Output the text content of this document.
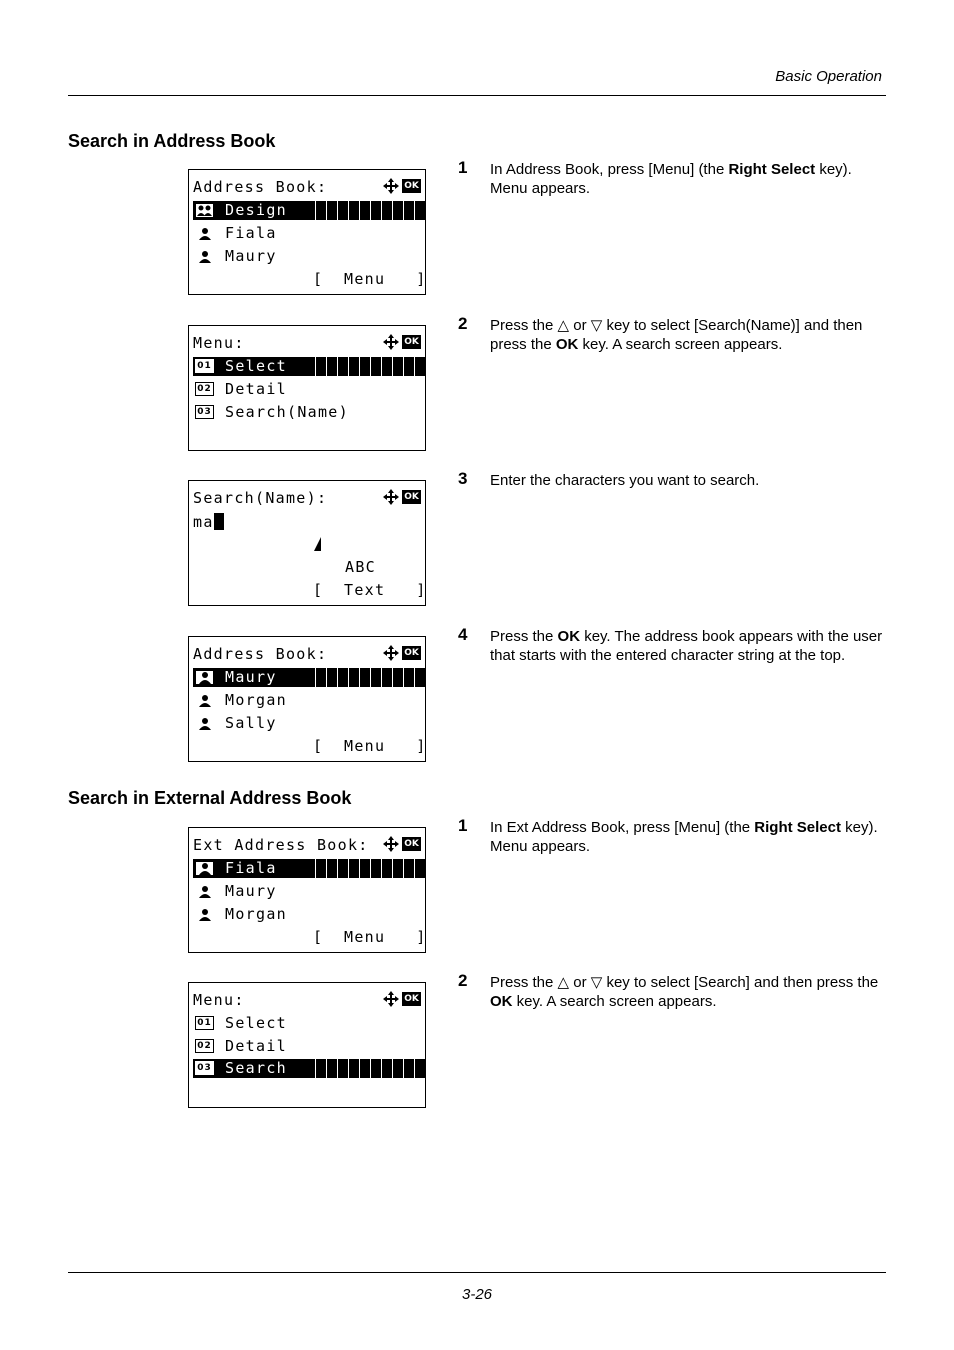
Basic Operation
Search in Address Book
Address Book:	OK
Design
Fiala
Maury
[  Menu   ]
1 In Address Book, press [Menu] (the Right Select key). Menu appears.

Menu:	OK
01 Select
02 Detail
03 Search(Name)
2 Press the △ or ▽ key to select [Search(Name)] and then press the OK key. A search screen appears.

Search(Name):	OK
ma
ABC
[  Text   ]
3 Enter the characters you want to search.

Address Book:	OK
Maury
Morgan
Sally
[  Menu   ]
4 Press the OK key. The address book appears with the user that starts with the entered character string at the top.

Search in External Address Book
Ext Address Book:	OK
Fiala
Maury
Morgan
[  Menu   ]
1 In Ext Address Book, press [Menu] (the Right Select key). Menu appears.

Menu:	OK
01 Select
02 Detail
03 Search
2 Press the △ or ▽ key to select [Search] and then press the OK key. A search screen appears.

3-26
